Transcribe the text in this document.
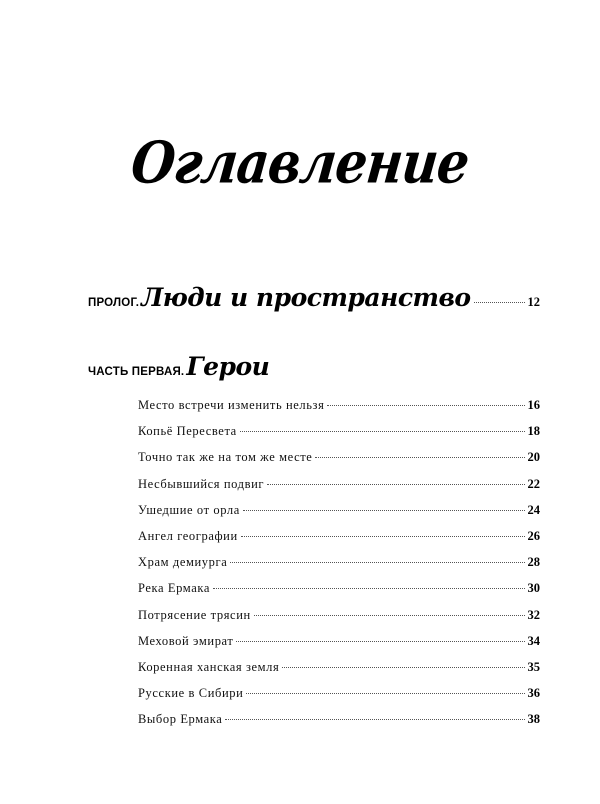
Оглавление
ПРОЛОГ. Люди и пространство	12
ЧАСТЬ ПЕРВАЯ. Герои
Место встречи изменить нельзя	16
Копьё Пересвета	18
Точно так же на том же месте	20
Несбывшийся подвиг	22
Ушедшие от орла	24
Ангел географии	26
Храм демиурга	28
Река Ермака	30
Потрясение трясин	32
Меховой эмират	34
Коренная ханская земля	35
Русские в Сибири	36
Выбор Ермака	38
